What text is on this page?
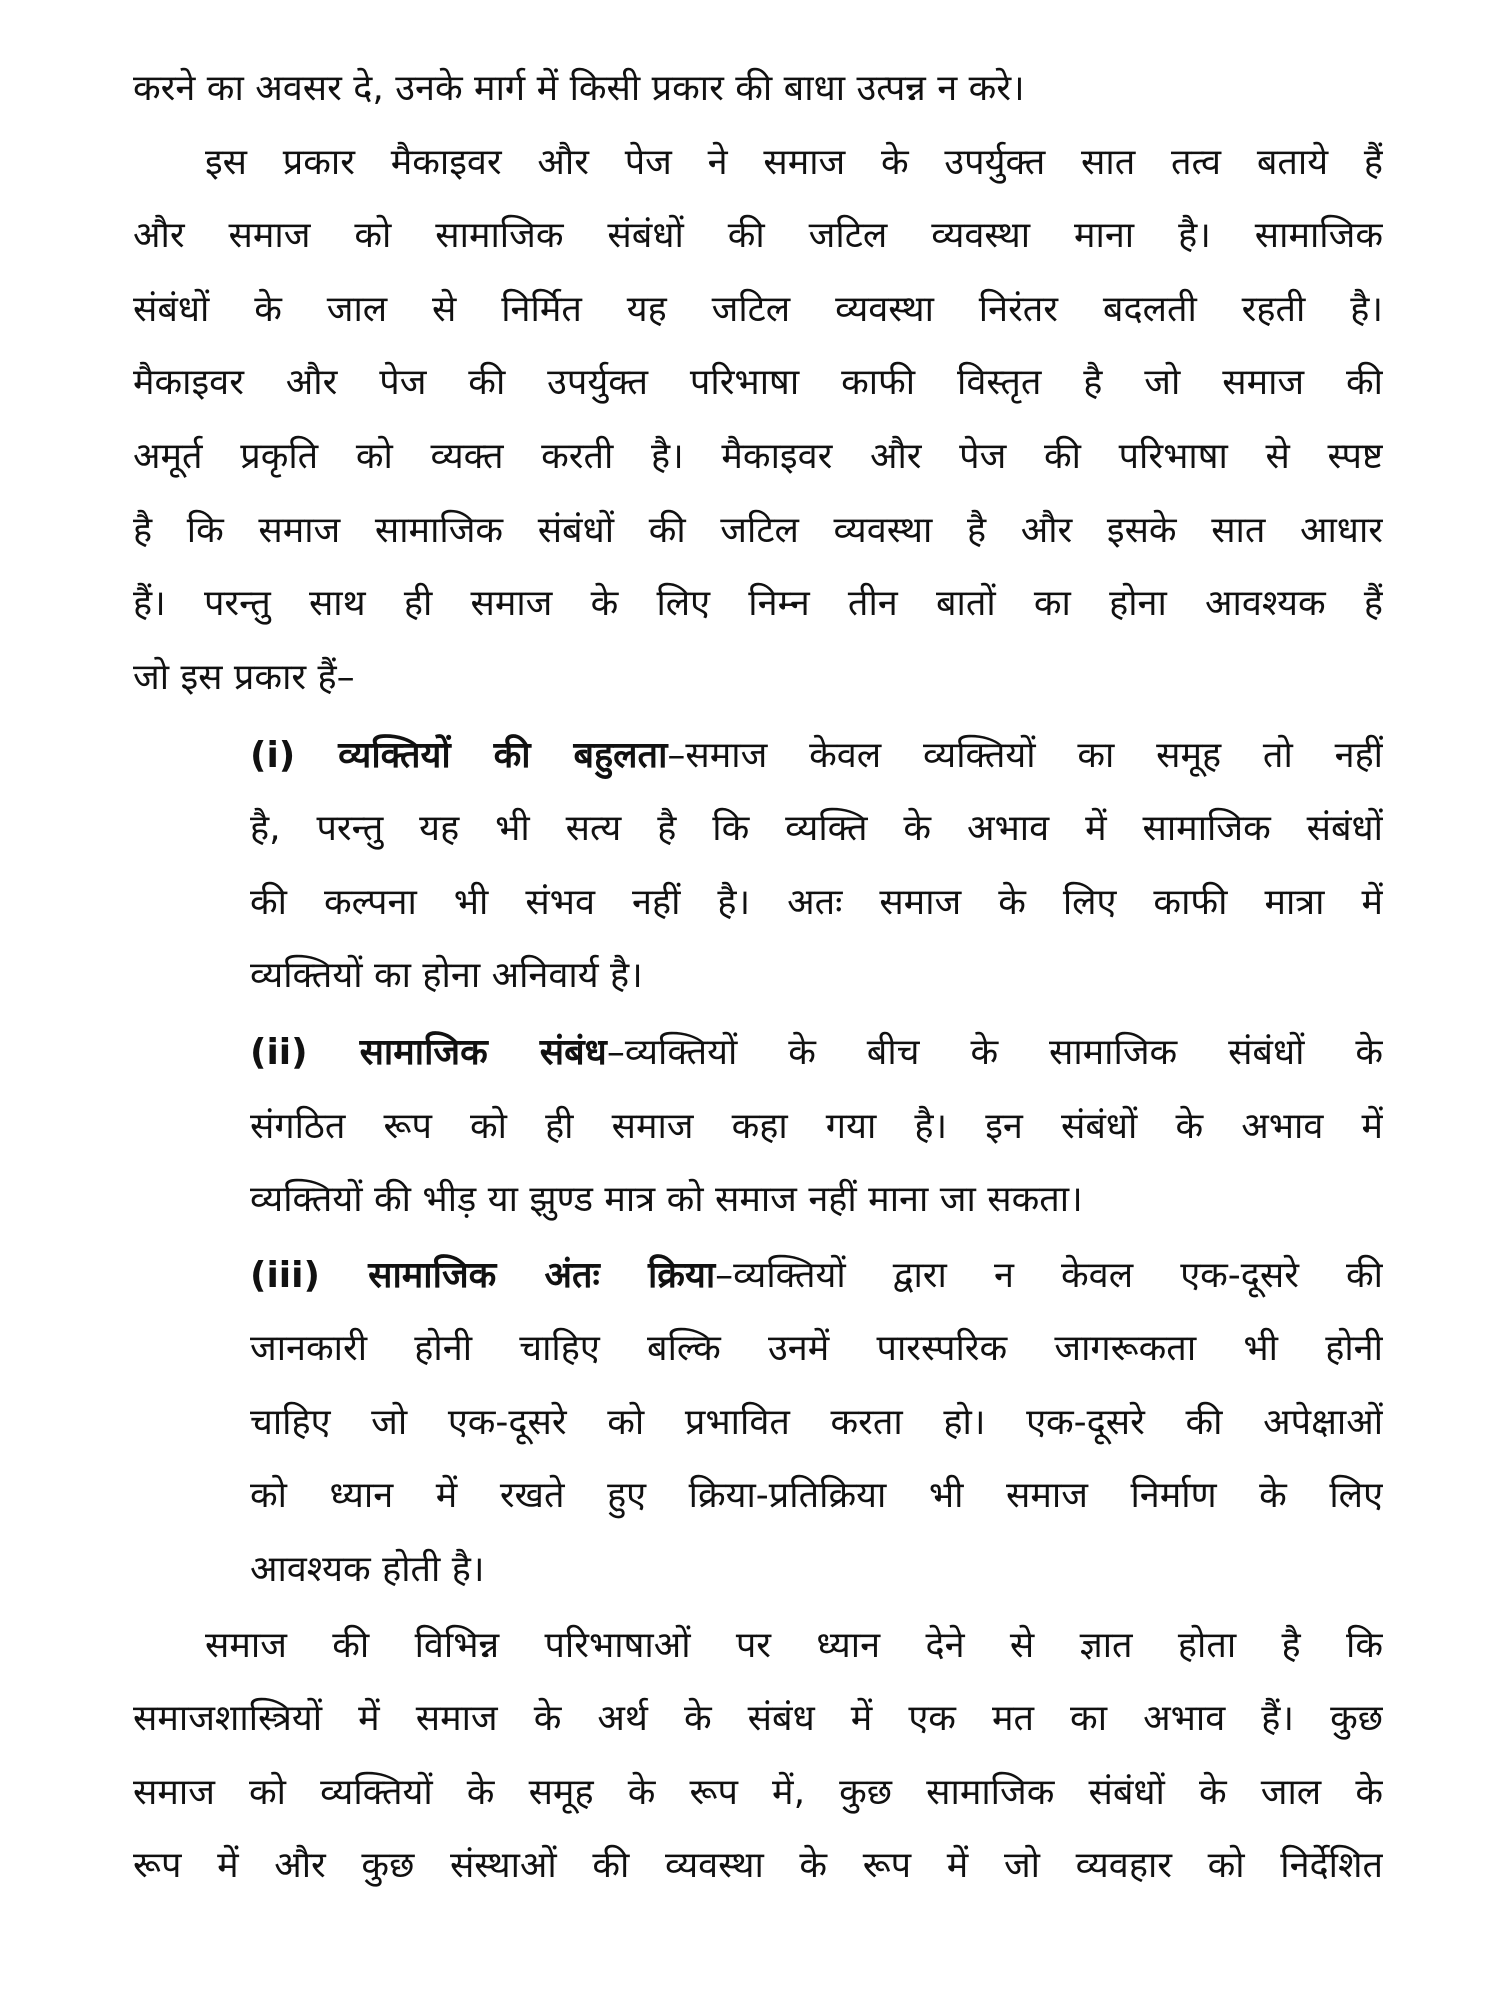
करने का अवसर दे, उनके मार्ग में किसी प्रकार की बाधा उत्पन्न न करे।
इस प्रकार मैकाइवर और पेज ने समाज के उपर्युक्त सात तत्व बताये हैं
और समाज को सामाजिक संबंधों की जटिल व्यवस्था माना है। सामाजिक
संबंधों के जाल से निर्मित यह जटिल व्यवस्था निरंतर बदलती रहती है।
मैकाइवर और पेज की उपर्युक्त परिभाषा काफी विस्तृत है जो समाज की
अमूर्त प्रकृति को व्यक्त करती है। मैकाइवर और पेज की परिभाषा से स्पष्ट
है कि समाज सामाजिक संबंधों की जटिल व्यवस्था है और इसके सात आधार
हैं। परन्तु साथ ही समाज के लिए निम्न तीन बातों का होना आवश्यक हैं
जो इस प्रकार हैं–
(i) व्यक्तियों की बहुलता–समाज केवल व्यक्तियों का समूह तो नहीं
है, परन्तु यह भी सत्य है कि व्यक्ति के अभाव में सामाजिक संबंधों
की कल्पना भी संभव नहीं है। अतः समाज के लिए काफी मात्रा में
व्यक्तियों का होना अनिवार्य है।
(ii) सामाजिक संबंध–व्यक्तियों के बीच के सामाजिक संबंधों के
संगठित रूप को ही समाज कहा गया है। इन संबंधों के अभाव में
व्यक्तियों की भीड़ या झुण्ड मात्र को समाज नहीं माना जा सकता।
(iii) सामाजिक अंतः क्रिया–व्यक्तियों द्वारा न केवल एक-दूसरे की
जानकारी होनी चाहिए बल्कि उनमें पारस्परिक जागरूकता भी होनी
चाहिए जो एक-दूसरे को प्रभावित करता हो। एक-दूसरे की अपेक्षाओं
को ध्यान में रखते हुए क्रिया-प्रतिक्रिया भी समाज निर्माण के लिए
आवश्यक होती है।
समाज की विभिन्न परिभाषाओं पर ध्यान देने से ज्ञात होता है कि
समाजशास्त्रियों में समाज के अर्थ के संबंध में एक मत का अभाव हैं। कुछ
समाज को व्यक्तियों के समूह के रूप में, कुछ सामाजिक संबंधों के जाल के
रूप में और कुछ संस्थाओं की व्यवस्था के रूप में जो व्यवहार को निर्देशित
